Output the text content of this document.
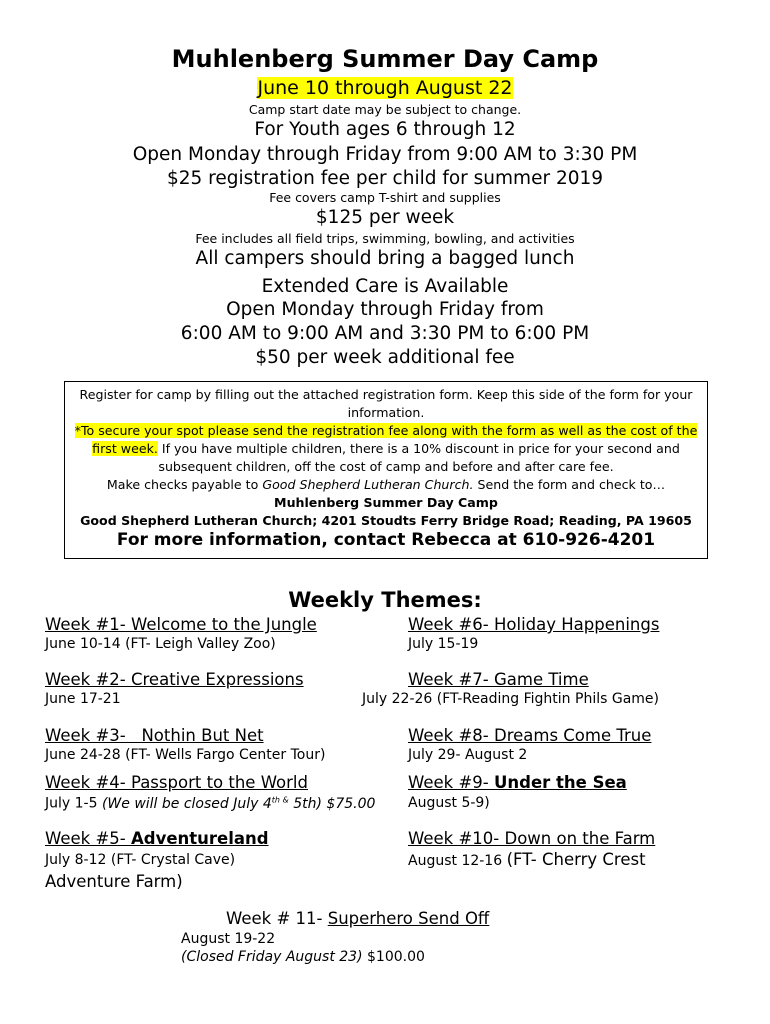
Muhlenberg Summer Day Camp
June 10 through August 22
Camp start date may be subject to change.
For Youth ages 6 through 12
Open Monday through Friday from 9:00 AM to 3:30 PM
$25 registration fee per child for summer 2019
Fee covers camp T-shirt and supplies
$125 per week
Fee includes all field trips, swimming, bowling, and activities
All campers should bring a bagged lunch
Extended Care is Available
Open Monday through Friday from
6:00 AM to 9:00 AM and 3:30 PM to 6:00 PM
$50 per week additional fee

Register for camp by filling out the attached registration form. Keep this side of the form for your information.

*To secure your spot please send the registration fee along with the form as well as the cost of the first week. If you have multiple children, there is a 10% discount in price for your second and subsequent children, off the cost of camp and before and after care fee.

Make checks payable to Good Shepherd Lutheran Church. Send the form and check to…

Muhlenberg Summer Day Camp

Good Shepherd Lutheran Church; 4201 Stoudts Ferry Bridge Road; Reading, PA 19605

For more information, contact Rebecca at 610-926-4201

Weekly Themes:
Week #1- Welcome to the Jungle
June 10-14 (FT- Leigh Valley Zoo)
Week #2- Creative Expressions
June 17-21
Week #3-   Nothin But Net
June 24-28 (FT- Wells Fargo Center Tour)
Week #4- Passport to the World
July 1-5 (We will be closed July $4^{th \&}$ 5th) $75.00
Week #5- Adventureland
July 8-12 (FT- Crystal Cave)
Adventure Farm)
Week #6- Holiday Happenings
July 15-19
Week #7- Game Time
July 22-26 (FT-Reading Fightin Phils Game)
Week #8- Dreams Come True
July 29- August 2
Week #9- Under the Sea
August 5-9)
Week #10- Down on the Farm
August 12-16 (FT- Cherry Crest
Week # 11- Superhero Send Off
August 19-22
(Closed Friday August 23) $100.00
